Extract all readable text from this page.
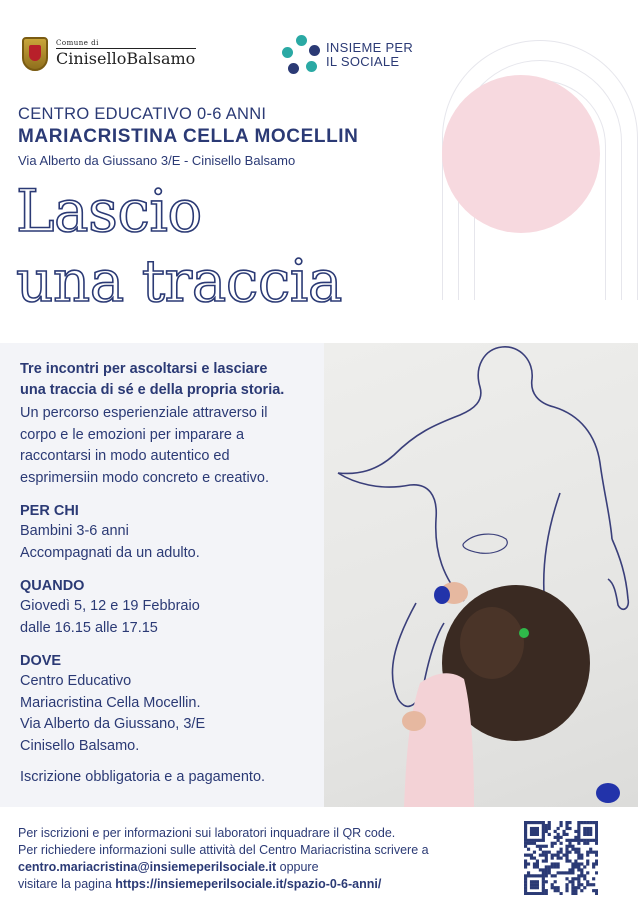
Comune di
CiniselloBalsamo
INSIEME PER
IL SOCIALE
CENTRO EDUCATIVO 0-6 ANNI
MARIACRISTINA CELLA MOCELLIN
Via Alberto da Giussano 3/E - Cinisello Balsamo
Lascio
una traccia
Tre incontri per ascoltarsi e lasciare
una traccia di sé e della propria storia.
Un percorso esperienziale attraverso il
corpo e le emozioni per imparare a
raccontarsi in modo autentico ed
esprimersiin modo concreto e creativo.
PER CHI
Bambini 3-6 anni
Accompagnati da un adulto.
QUANDO
Giovedì 5, 12 e 19 Febbraio
dalle 16.15 alle 17.15
DOVE
Centro Educativo
Mariacristina Cella Mocellin.
Via Alberto da Giussano, 3/E
Cinisello Balsamo.
Iscrizione obbligatoria e a pagamento.
Per iscrizioni e per informazioni sui laboratori inquadrare il QR code.
Per richiedere informazioni sulle attività del Centro Mariacristina scrivere a
centro.mariacristina@insiemeperilsociale.it oppure
visitare la pagina https://insiemeperilsociale.it/spazio-0-6-anni/
